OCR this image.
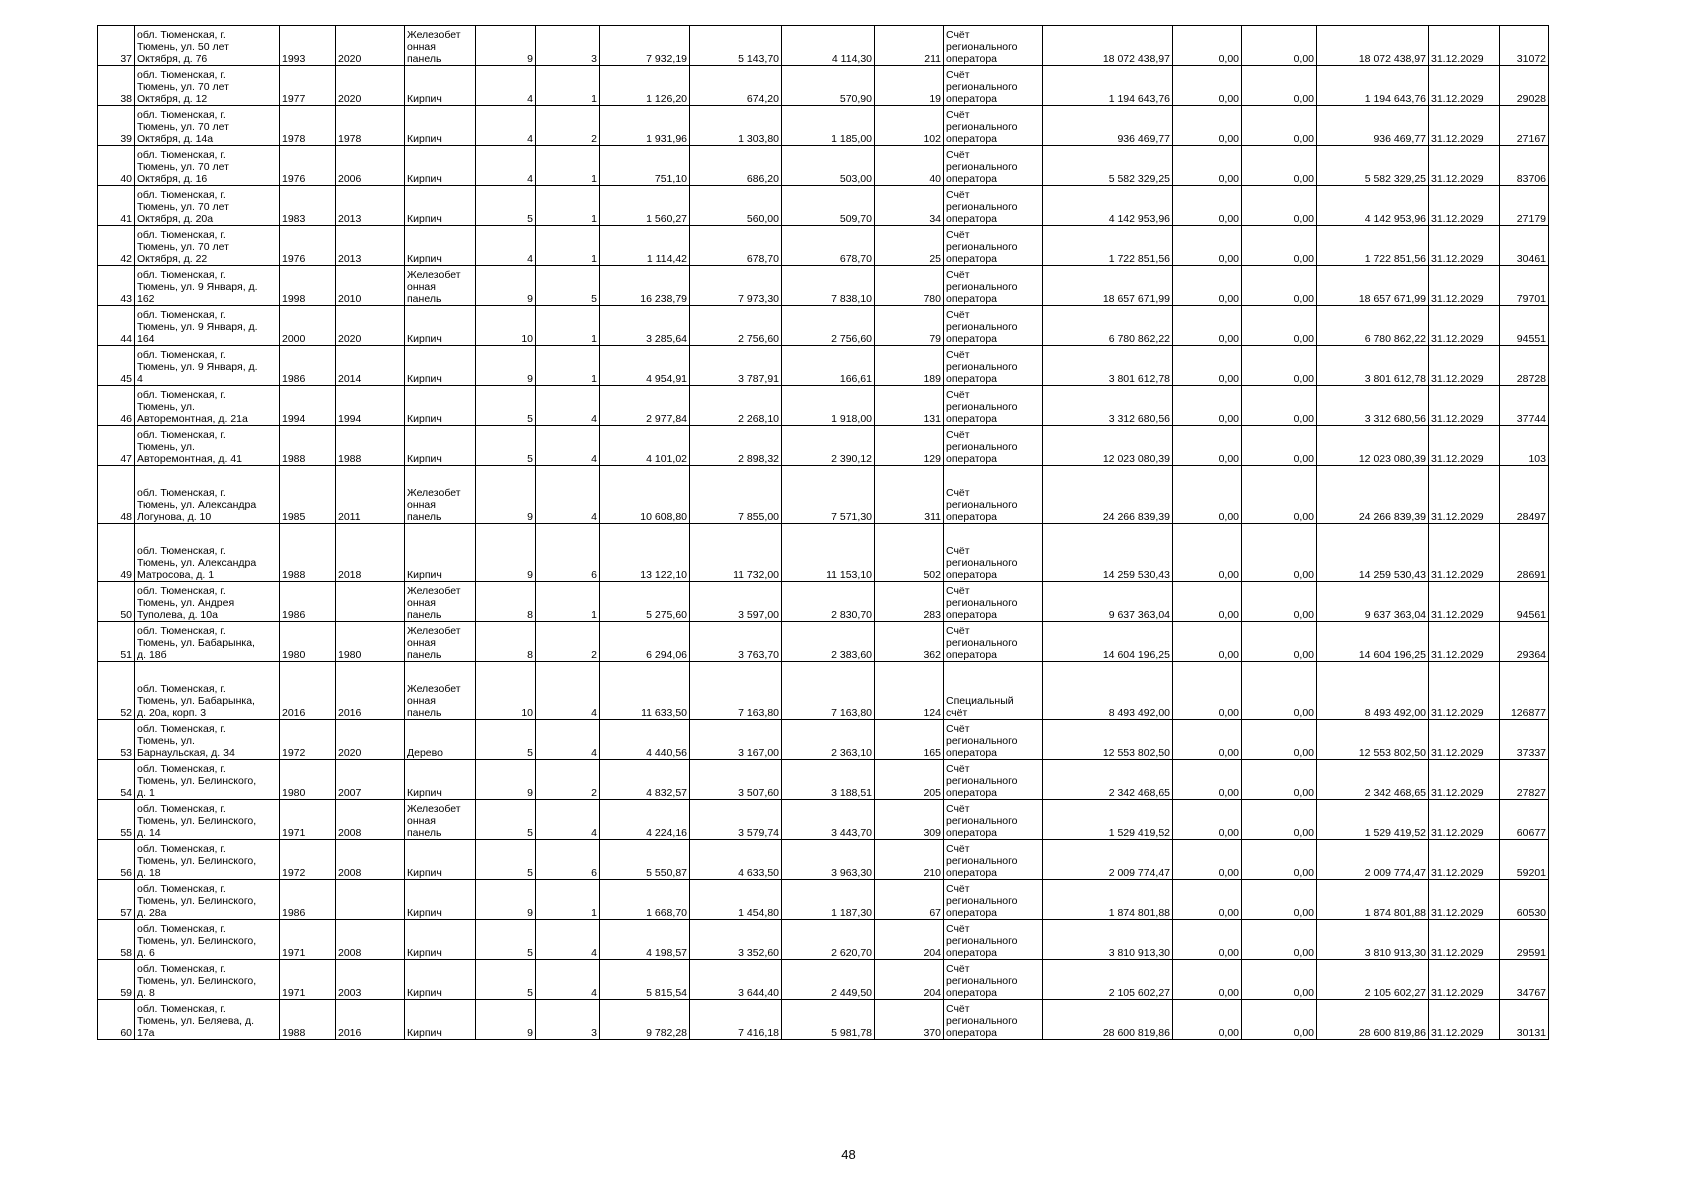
37	обл. Тюменская, г.
Тюмень, ул. 50 лет
Октября, д. 76	1993	2020	Железобет
онная
панель	9	3	7 932,19	5 143,70	4 114,30	211	Счёт
регионального
оператора	18 072 438,97	0,00	0,00	18 072 438,97	31.12.2029	31072
38	обл. Тюменская, г.
Тюмень, ул. 70 лет
Октября, д. 12	1977	2020	Кирпич	4	1	1 126,20	674,20	570,90	19	Счёт
регионального
оператора	1 194 643,76	0,00	0,00	1 194 643,76	31.12.2029	29028
39	обл. Тюменская, г.
Тюмень, ул. 70 лет
Октября, д. 14а	1978	1978	Кирпич	4	2	1 931,96	1 303,80	1 185,00	102	Счёт
регионального
оператора	936 469,77	0,00	0,00	936 469,77	31.12.2029	27167
40	обл. Тюменская, г.
Тюмень, ул. 70 лет
Октября, д. 16	1976	2006	Кирпич	4	1	751,10	686,20	503,00	40	Счёт
регионального
оператора	5 582 329,25	0,00	0,00	5 582 329,25	31.12.2029	83706
41	обл. Тюменская, г.
Тюмень, ул. 70 лет
Октября, д. 20а	1983	2013	Кирпич	5	1	1 560,27	560,00	509,70	34	Счёт
регионального
оператора	4 142 953,96	0,00	0,00	4 142 953,96	31.12.2029	27179
42	обл. Тюменская, г.
Тюмень, ул. 70 лет
Октября, д. 22	1976	2013	Кирпич	4	1	1 114,42	678,70	678,70	25	Счёт
регионального
оператора	1 722 851,56	0,00	0,00	1 722 851,56	31.12.2029	30461
43	обл. Тюменская, г.
Тюмень, ул. 9 Января, д.
162	1998	2010	Железобет
онная
панель	9	5	16 238,79	7 973,30	7 838,10	780	Счёт
регионального
оператора	18 657 671,99	0,00	0,00	18 657 671,99	31.12.2029	79701
44	обл. Тюменская, г.
Тюмень, ул. 9 Января, д.
164	2000	2020	Кирпич	10	1	3 285,64	2 756,60	2 756,60	79	Счёт
регионального
оператора	6 780 862,22	0,00	0,00	6 780 862,22	31.12.2029	94551
45	обл. Тюменская, г.
Тюмень, ул. 9 Января, д.
4	1986	2014	Кирпич	9	1	4 954,91	3 787,91	166,61	189	Счёт
регионального
оператора	3 801 612,78	0,00	0,00	3 801 612,78	31.12.2029	28728
46	обл. Тюменская, г.
Тюмень, ул.
Авторемонтная, д. 21а	1994	1994	Кирпич	5	4	2 977,84	2 268,10	1 918,00	131	Счёт
регионального
оператора	3 312 680,56	0,00	0,00	3 312 680,56	31.12.2029	37744
47	обл. Тюменская, г.
Тюмень, ул.
Авторемонтная, д. 41	1988	1988	Кирпич	5	4	4 101,02	2 898,32	2 390,12	129	Счёт
регионального
оператора	12 023 080,39	0,00	0,00	12 023 080,39	31.12.2029	103
48	обл. Тюменская, г.
Тюмень, ул. Александра
Логунова, д. 10	1985	2011	Железобет
онная
панель	9	4	10 608,80	7 855,00	7 571,30	311	Счёт
регионального
оператора	24 266 839,39	0,00	0,00	24 266 839,39	31.12.2029	28497
49	обл. Тюменская, г.
Тюмень, ул. Александра
Матросова, д. 1	1988	2018	Кирпич	9	6	13 122,10	11 732,00	11 153,10	502	Счёт
регионального
оператора	14 259 530,43	0,00	0,00	14 259 530,43	31.12.2029	28691
50	обл. Тюменская, г.
Тюмень, ул. Андрея
Туполева, д. 10а	1986		Железобет
онная
панель	8	1	5 275,60	3 597,00	2 830,70	283	Счёт
регионального
оператора	9 637 363,04	0,00	0,00	9 637 363,04	31.12.2029	94561
51	обл. Тюменская, г.
Тюмень, ул. Бабарынка,
д. 18б	1980	1980	Железобет
онная
панель	8	2	6 294,06	3 763,70	2 383,60	362	Счёт
регионального
оператора	14 604 196,25	0,00	0,00	14 604 196,25	31.12.2029	29364
52	обл. Тюменская, г.
Тюмень, ул. Бабарынка,
д. 20а, корп. 3	2016	2016	Железобет
онная
панель	10	4	11 633,50	7 163,80	7 163,80	124	Специальный
счёт	8 493 492,00	0,00	0,00	8 493 492,00	31.12.2029	126877
53	обл. Тюменская, г.
Тюмень, ул.
Барнаульская, д. 34	1972	2020	Дерево	5	4	4 440,56	3 167,00	2 363,10	165	Счёт
регионального
оператора	12 553 802,50	0,00	0,00	12 553 802,50	31.12.2029	37337
54	обл. Тюменская, г.
Тюмень, ул. Белинского,
д. 1	1980	2007	Кирпич	9	2	4 832,57	3 507,60	3 188,51	205	Счёт
регионального
оператора	2 342 468,65	0,00	0,00	2 342 468,65	31.12.2029	27827
55	обл. Тюменская, г.
Тюмень, ул. Белинского,
д. 14	1971	2008	Железобет
онная
панель	5	4	4 224,16	3 579,74	3 443,70	309	Счёт
регионального
оператора	1 529 419,52	0,00	0,00	1 529 419,52	31.12.2029	60677
56	обл. Тюменская, г.
Тюмень, ул. Белинского,
д. 18	1972	2008	Кирпич	5	6	5 550,87	4 633,50	3 963,30	210	Счёт
регионального
оператора	2 009 774,47	0,00	0,00	2 009 774,47	31.12.2029	59201
57	обл. Тюменская, г.
Тюмень, ул. Белинского,
д. 28а	1986		Кирпич	9	1	1 668,70	1 454,80	1 187,30	67	Счёт
регионального
оператора	1 874 801,88	0,00	0,00	1 874 801,88	31.12.2029	60530
58	обл. Тюменская, г.
Тюмень, ул. Белинского,
д. 6	1971	2008	Кирпич	5	4	4 198,57	3 352,60	2 620,70	204	Счёт
регионального
оператора	3 810 913,30	0,00	0,00	3 810 913,30	31.12.2029	29591
59	обл. Тюменская, г.
Тюмень, ул. Белинского,
д. 8	1971	2003	Кирпич	5	4	5 815,54	3 644,40	2 449,50	204	Счёт
регионального
оператора	2 105 602,27	0,00	0,00	2 105 602,27	31.12.2029	34767
60	обл. Тюменская, г.
Тюмень, ул. Беляева, д.
17а	1988	2016	Кирпич	9	3	9 782,28	7 416,18	5 981,78	370	Счёт
регионального
оператора	28 600 819,86	0,00	0,00	28 600 819,86	31.12.2029	30131
48
